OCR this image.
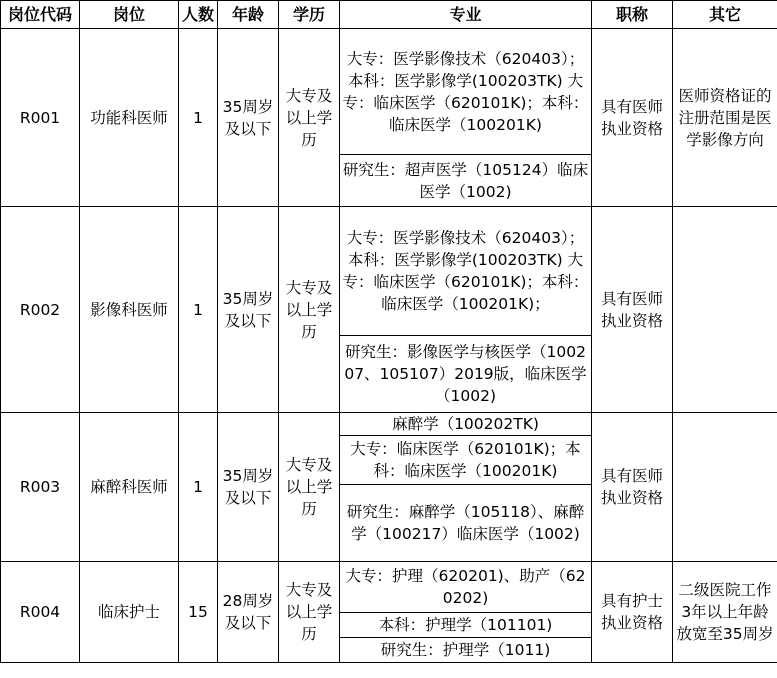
岗位代码	岗位	人数	年龄	学历	专业	职称	其它
R001	功能科医师	1	35周岁及以下	大专及以上学历	大专：医学影像技术（620403）；本科：医学影像学(100203TK) 大专：临床医学（620101K)；本科：临床医学（100201K)	具有医师执业资格	医师资格证的注册范围是医学影像方向
					研究生：超声医学（105124）临床医学（1002)		
R002	影像科医师	1	35周岁及以下	大专及以上学历	大专：医学影像技术（620403）；本科：医学影像学(100203TK) 大专：临床医学（620101K)；本科：临床医学（100201K)；	具有医师执业资格	
					研究生：影像医学与核医学（100207、105107）2019版，临床医学（1002)		
R003	麻醉科医师	1	35周岁及以下	大专及以上学历	麻醉学（100202TK)	具有医师执业资格	
					大专：临床医学（620101K)；本科：临床医学（100201K)		
					研究生：麻醉学（105118）、麻醉学（100217）临床医学（1002)		
R004	临床护士	15	28周岁及以下	大专及以上学历	大专：护理（620201)、助产（620202)	具有护士执业资格	二级医院工作3年以上年龄放宽至35周岁
					本科：护理学（101101)		
					研究生：护理学（1011)		
